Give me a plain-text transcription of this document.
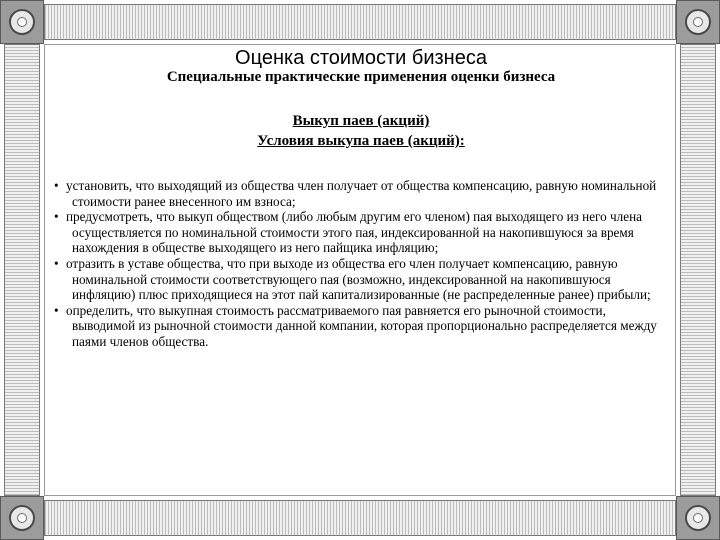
Оценка стоимости бизнеса
Специальные практические применения оценки бизнеса
Выкуп паев (акций)
Условия выкупа паев (акций):
• установить, что выходящий из общества член получает от общества компенсацию, равную номинальной стоимости ранее внесенного им взноса;
• предусмотреть, что выкуп обществом (либо любым другим его членом) пая выходящего из него члена осуществляется по номинальной стоимости этого пая, индексированной на накопившуюся за время нахождения в обществе выходящего из него пайщика инфляцию;
• отразить в уставе общества, что при выходе из общества его член получает компенсацию, равную номинальной стоимости соответствующего пая (возможно, индексированной на накопившуюся инфляцию) плюс приходящиеся на этот пай капитализированные (не распределенные ранее) прибыли;
• определить, что выкупная стоимость рассматриваемого пая равняется его рыночной стоимости, выводимой из рыночной стоимости данной компании, которая пропорционально распределяется между паями членов общества.
